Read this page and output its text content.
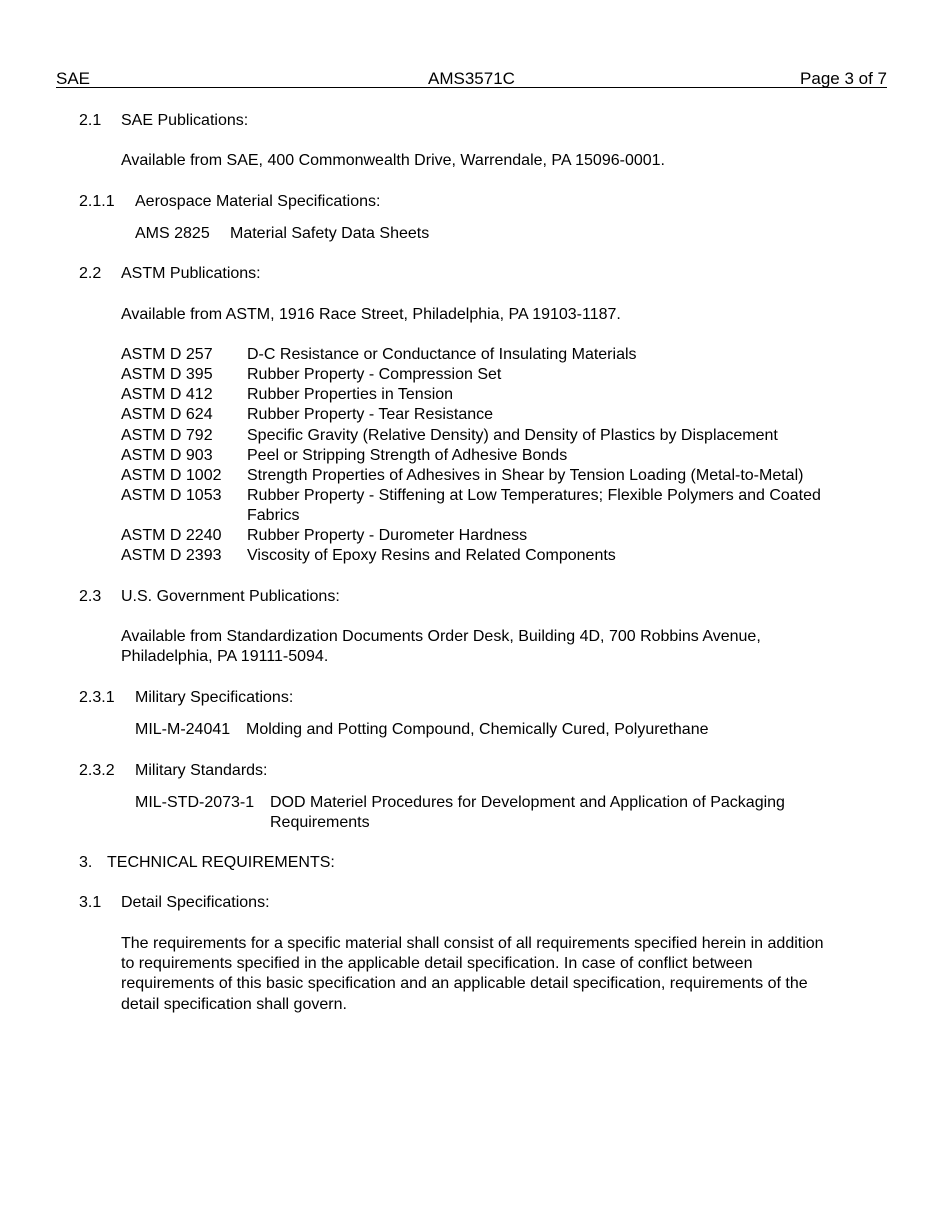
SAE	AMS3571C	Page 3 of 7
2.1 SAE Publications:
Available from SAE, 400 Commonwealth Drive, Warrendale, PA 15096-0001.
2.1.1 Aerospace Material Specifications:
AMS 2825 Material Safety Data Sheets
2.2 ASTM Publications:
Available from ASTM, 1916 Race Street, Philadelphia, PA 19103-1187.
ASTM D 257 D-C Resistance or Conductance of Insulating Materials
ASTM D 395 Rubber Property - Compression Set
ASTM D 412 Rubber Properties in Tension
ASTM D 624 Rubber Property - Tear Resistance
ASTM D 792 Specific Gravity (Relative Density) and Density of Plastics by Displacement
ASTM D 903 Peel or Stripping Strength of Adhesive Bonds
ASTM D 1002 Strength Properties of Adhesives in Shear by Tension Loading (Metal-to-Metal)
ASTM D 1053 Rubber Property - Stiffening at Low Temperatures; Flexible Polymers and Coated
Fabrics
ASTM D 2240 Rubber Property - Durometer Hardness
ASTM D 2393 Viscosity of Epoxy Resins and Related Components
2.3 U.S. Government Publications:
Available from Standardization Documents Order Desk, Building 4D, 700 Robbins Avenue,
Philadelphia, PA 19111-5094.
2.3.1 Military Specifications:
MIL-M-24041 Molding and Potting Compound, Chemically Cured, Polyurethane
2.3.2 Military Standards:
MIL-STD-2073-1 DOD Materiel Procedures for Development and Application of Packaging
Requirements
3. TECHNICAL REQUIREMENTS:
3.1 Detail Specifications:
The requirements for a specific material shall consist of all requirements specified herein in addition
to requirements specified in the applicable detail specification. In case of conflict between
requirements of this basic specification and an applicable detail specification, requirements of the
detail specification shall govern.
